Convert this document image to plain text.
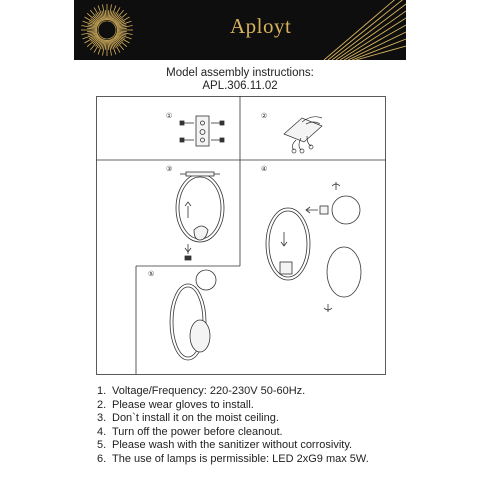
Aployt
Model assembly instructions:
APL.306.11.02
①	②
③	④
⑤
1. Voltage/Frequency: 220-230V 50-60Hz.
2. Please wear gloves to install.
3. Don`t install it on the moist ceiling.
4. Turn off the power before cleanout.
5. Please wash with the sanitizer without corrosivity.
6. The use of lamps is permissible: LED 2xG9 max 5W.
